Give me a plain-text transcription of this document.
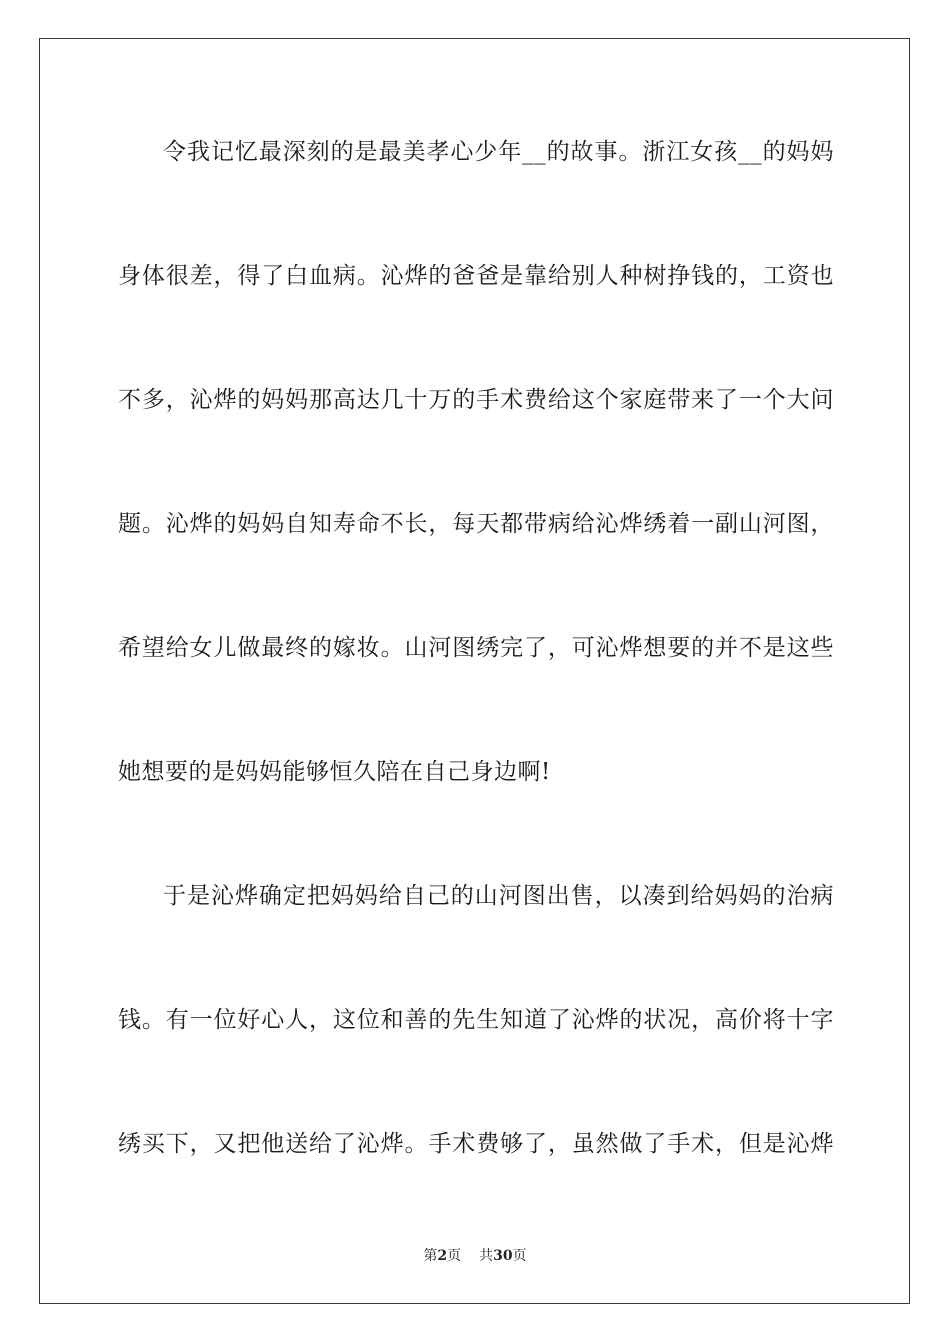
令我记忆最深刻的是最美孝心少年__的故事。浙江女孩__的妈妈
身体很差，得了白血病。沁烨的爸爸是靠给别人种树挣钱的，工资也
不多，沁烨的妈妈那高达几十万的手术费给这个家庭带来了一个大问
题。沁烨的妈妈自知寿命不长，每天都带病给沁烨绣着一副山河图，
希望给女儿做最终的嫁妆。山河图绣完了，可沁烨想要的并不是这些
她想要的是妈妈能够恒久陪在自己身边啊!
于是沁烨确定把妈妈给自己的山河图出售，以凑到给妈妈的治病
钱。有一位好心人，这位和善的先生知道了沁烨的状况，高价将十字
绣买下，又把他送给了沁烨。手术费够了，虽然做了手术，但是沁烨
第2页 共30页
